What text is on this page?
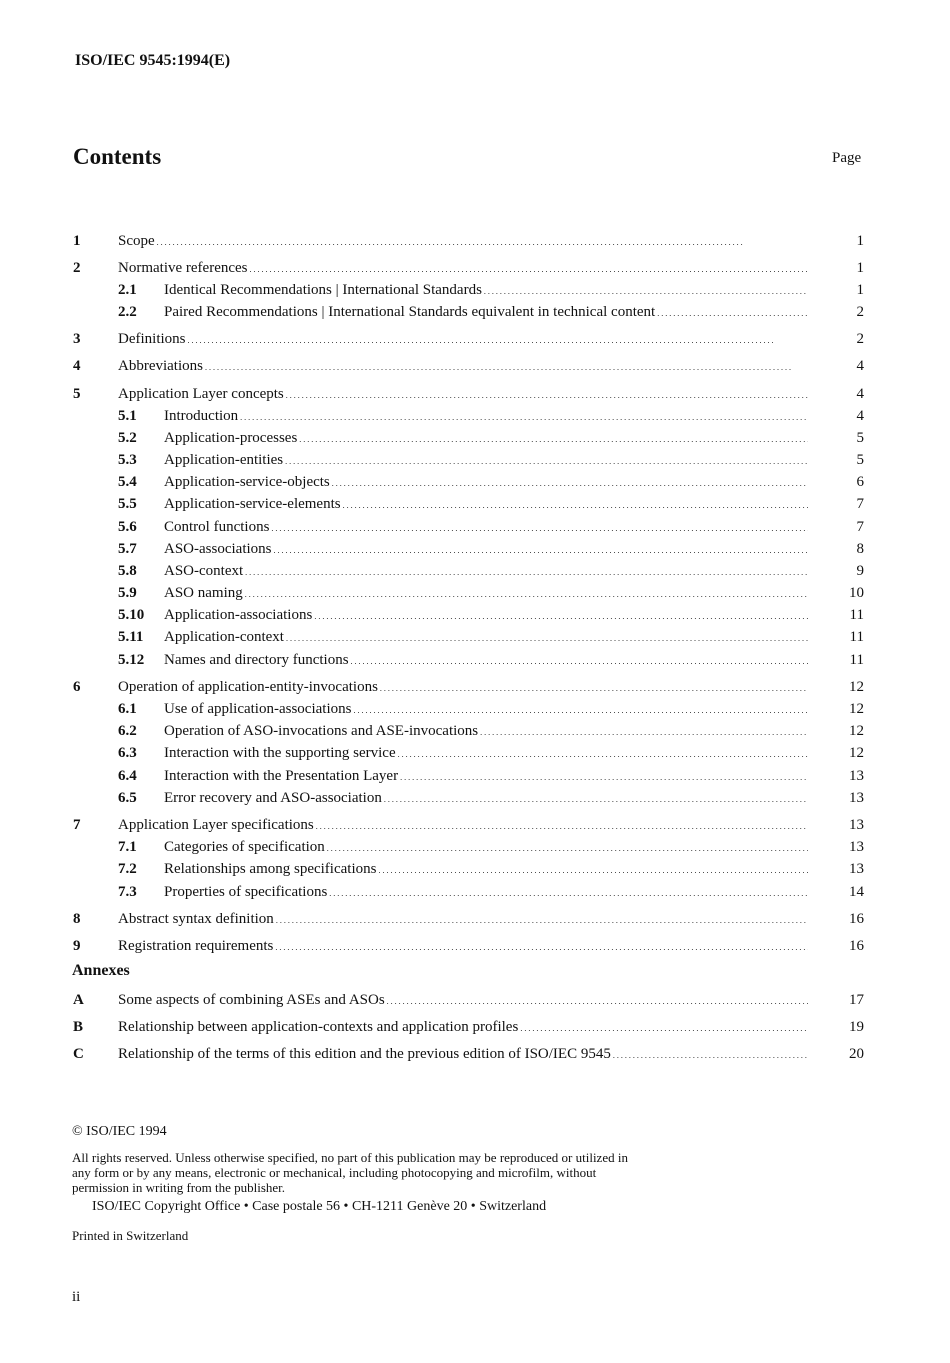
ISO/IEC 9545:1994(E)
Contents	Page
1	Scope . . .	1
2	Normative references . . .	1
2.1 Identical Recommendations | International Standards . . .	1
2.2 Paired Recommendations | International Standards equivalent in technical content . . .	2
3	Definitions . . .	2
4	Abbreviations . . .	4
5	Application Layer concepts . . .	4
5.1 Introduction . . .	4
5.2 Application-processes . . .	5
5.3 Application-entities . . .	5
5.4 Application-service-objects . . .	6
5.5 Application-service-elements . . .	7
5.6 Control functions . . .	7
5.7 ASO-associations . . .	8
5.8 ASO-context . . .	9
5.9 ASO naming . . .	10
5.10 Application-associations . . .	11
5.11 Application-context . . .	11
5.12 Names and directory functions . . .	11
6	Operation of application-entity-invocations . . .	12
6.1 Use of application-associations . . .	12
6.2 Operation of ASO-invocations and ASE-invocations . . .	12
6.3 Interaction with the supporting service . . .	12
6.4 Interaction with the Presentation Layer . . .	13
6.5 Error recovery and ASO-association . . .	13
7	Application Layer specifications . . .	13
7.1 Categories of specification . . .	13
7.2 Relationships among specifications . . .	13
7.3 Properties of specifications . . .	14
8	Abstract syntax definition . . .	16
9	Registration requirements . . .	16
A Some aspects of combining ASEs and ASOs . . .	17
B Relationship between application-contexts and application profiles . . .	19
C Relationship of the terms of this edition and the previous edition of ISO/IEC 9545 . . .	20
Annexes
© ISO/IEC 1994
All rights reserved. Unless otherwise specified, no part of this publication may be reproduced or utilized in any form or by any means, electronic or mechanical, including photocopying and microfilm, without permission in writing from the publisher.
ISO/IEC Copyright Office • Case postale 56 • CH-1211 Genève 20 • Switzerland
Printed in Switzerland
ii
